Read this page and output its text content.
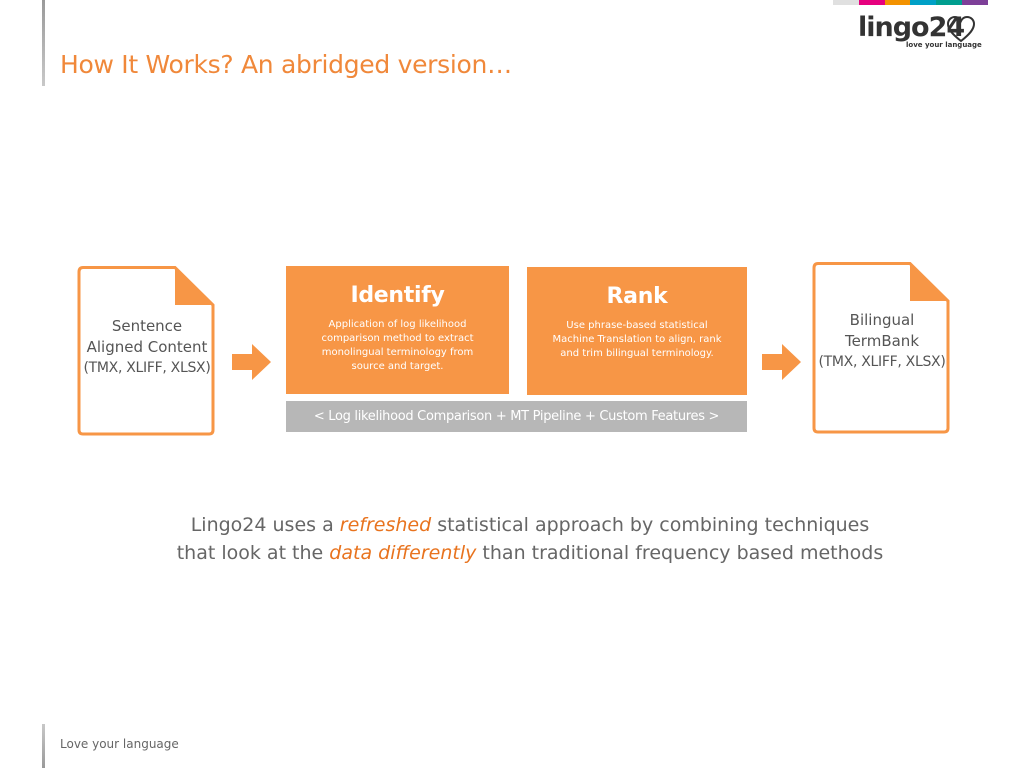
How It Works? An abridged version…
lingo24
love your language
Sentence
Aligned Content
(TMX, XLIFF, XLSX)
Identify
Application of log likelihood comparison method to extract monolingual terminology from source and target.
Rank
Use phrase-based statistical Machine Translation to align, rank and trim bilingual terminology.
< Log likelihood Comparison + MT Pipeline + Custom Features >
Bilingual
TermBank
(TMX, XLIFF, XLSX)
Lingo24 uses a refreshed statistical approach by combining techniques
that look at the data differently than traditional frequency based methods
Love your language
